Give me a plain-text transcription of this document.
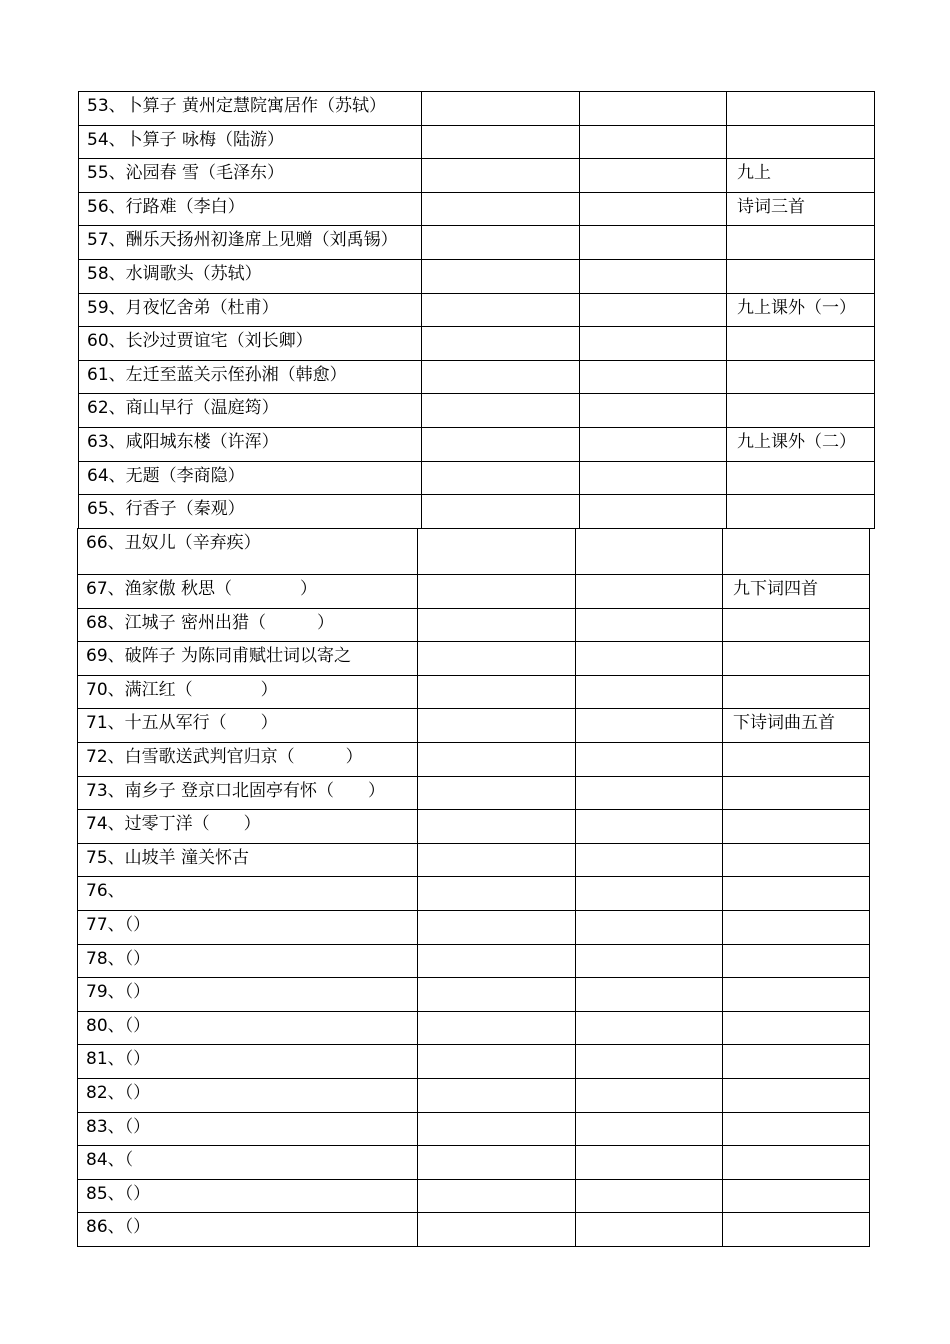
53、卜算子 黄州定慧院寓居作（苏轼）			
54、卜算子 咏梅（陆游）			
55、沁园春 雪（毛泽东）			九上
56、行路难（李白）			诗词三首
57、酬乐天扬州初逢席上见赠（刘禹锡）			
58、水调歌头（苏轼）			
59、月夜忆舍弟（杜甫）			九上课外（一）
60、长沙过贾谊宅（刘长卿）			
61、左迁至蓝关示侄孙湘（韩愈）			
62、商山早行（温庭筠）			
63、咸阳城东楼（许浑）			九上课外（二）
64、无题（李商隐）			
65、行香子（秦观）			
66、丑奴儿（辛弃疾）			
67、渔家傲 秋思（　　　　）			九下词四首
68、江城子 密州出猎（　　　）			
69、破阵子 为陈同甫赋壮词以寄之			
70、满江红（　　　　）			
71、十五从军行（　　）			下诗词曲五首
72、白雪歌送武判官归京（　　　）			
73、南乡子 登京口北固亭有怀（　　）			
74、过零丁洋（　　）			
75、山坡羊 潼关怀古			
76、			
77、（）			
78、（）			
79、（）			
80、（）			
81、（）			
82、（）			
83、（）			
84、（			
85、（）			
86、（）			
